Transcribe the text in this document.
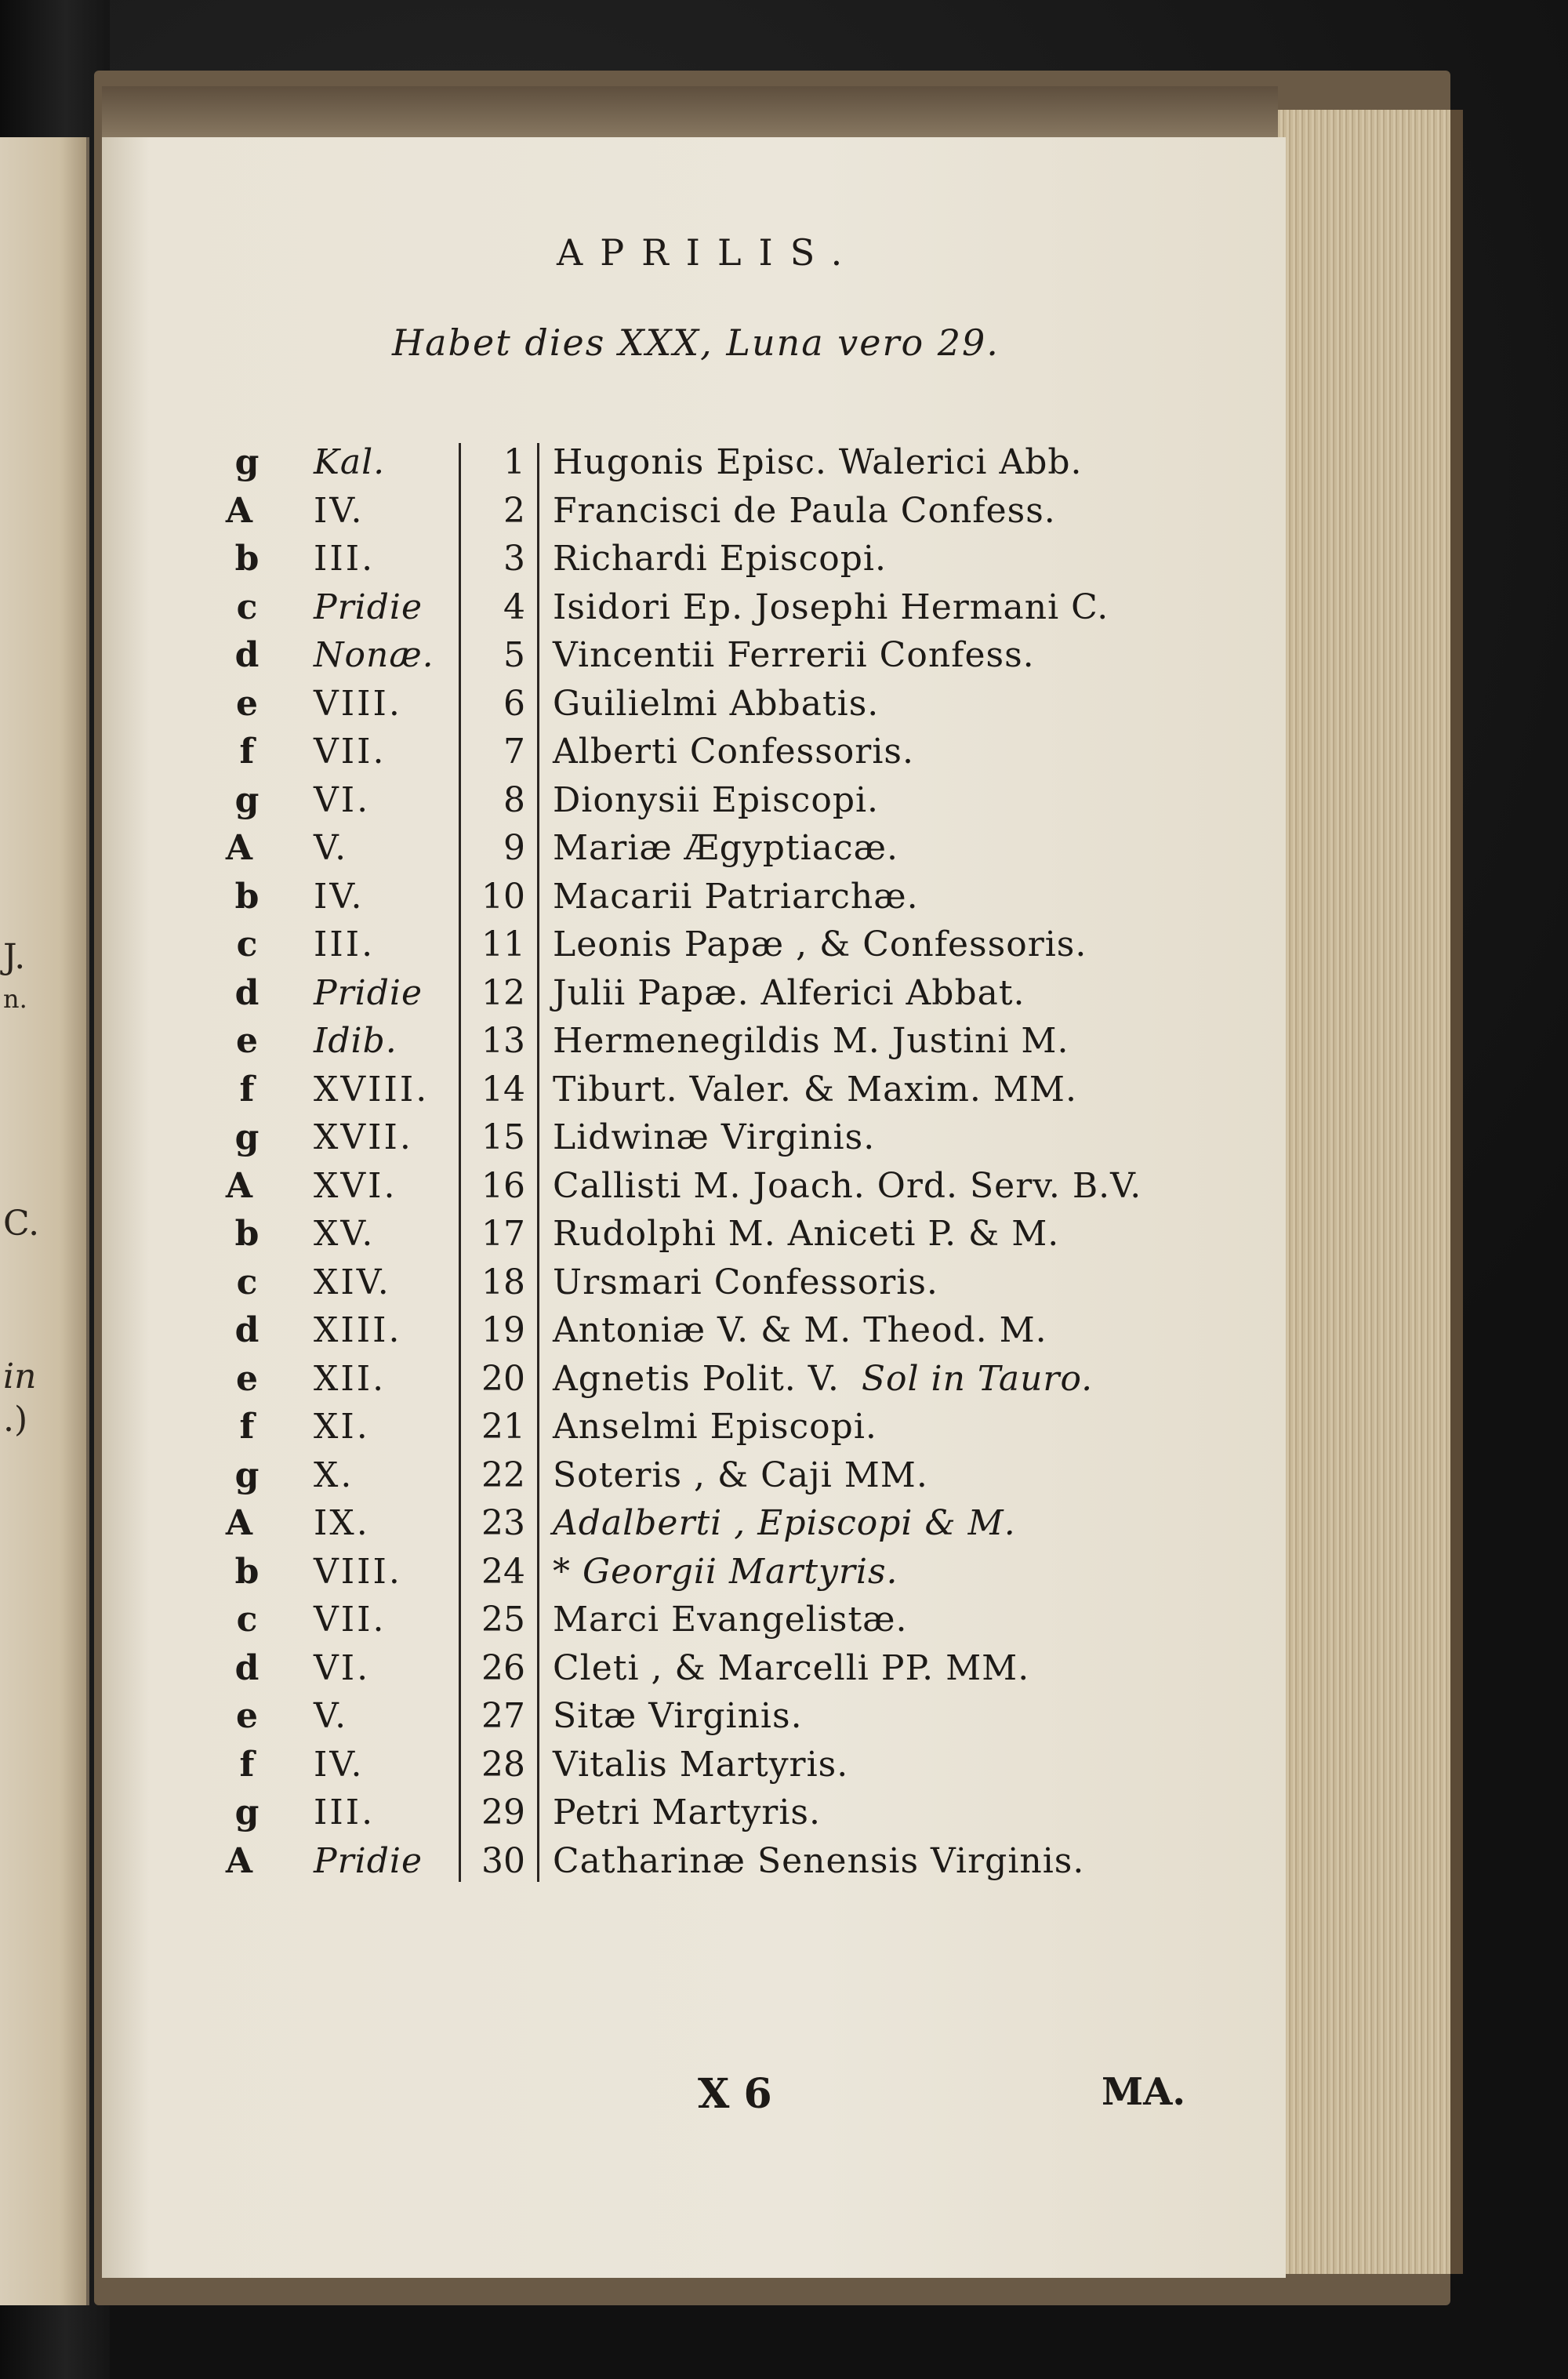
J.
n.
C.
in
.)
APRILIS.
Habet dies XXX, Luna vero 29.
g Kal.	1 Hugonis Episc. Walerici Abb.
A IV.	2 Francisci de Paula Confess.
b III.	3 Richardi Episcopi.
c Pridie	4 Isidori Ep. Josephi Hermani C.
d Nonæ.	5 Vincentii Ferrerii Confess.
e VIII.	6 Guilielmi Abbatis.
f	VII.	7 Alberti Confessoris.
g VI.	8 Dionysii Episcopi.
A V.	9 Mariæ Ægyptiacæ.
b IV.	10 Macarii Patriarchæ.
c III.	11 Leonis Papæ , & Confessoris.
d Pridie	12 Julii Papæ. Alferici Abbat.
e Idib.	13 Hermenegildis M. Justini M.
f	XVIII.	14 Tiburt. Valer. & Maxim. MM.
g XVII.	15 Lidwinæ Virginis.
A XVI.	16 Callisti M. Joach. Ord. Serv. B.V.
b XV.	17 Rudolphi M. Aniceti P. & M.
c XIV.	18 Ursmari Confessoris.
d XIII.	19 Antoniæ V. & M. Theod. M.
e XII.	20 Agnetis Polit. V. Sol in Tauro.
f	XI.	21 Anselmi Episcopi.
g X.	22 Soteris , & Caji MM.
A IX.	23 Adalberti , Episcopi & M.
b VIII.	24 * Georgii Martyris.
c VII.	25 Marci Evangelistæ.
d VI.	26 Cleti , & Marcelli PP. MM.
e V.	27 Sitæ Virginis.
f	IV.	28 Vitalis Martyris.
g III.	29 Petri Martyris.
A Pridie	30 Catharinæ Senensis Virginis.
X 6	MA.
